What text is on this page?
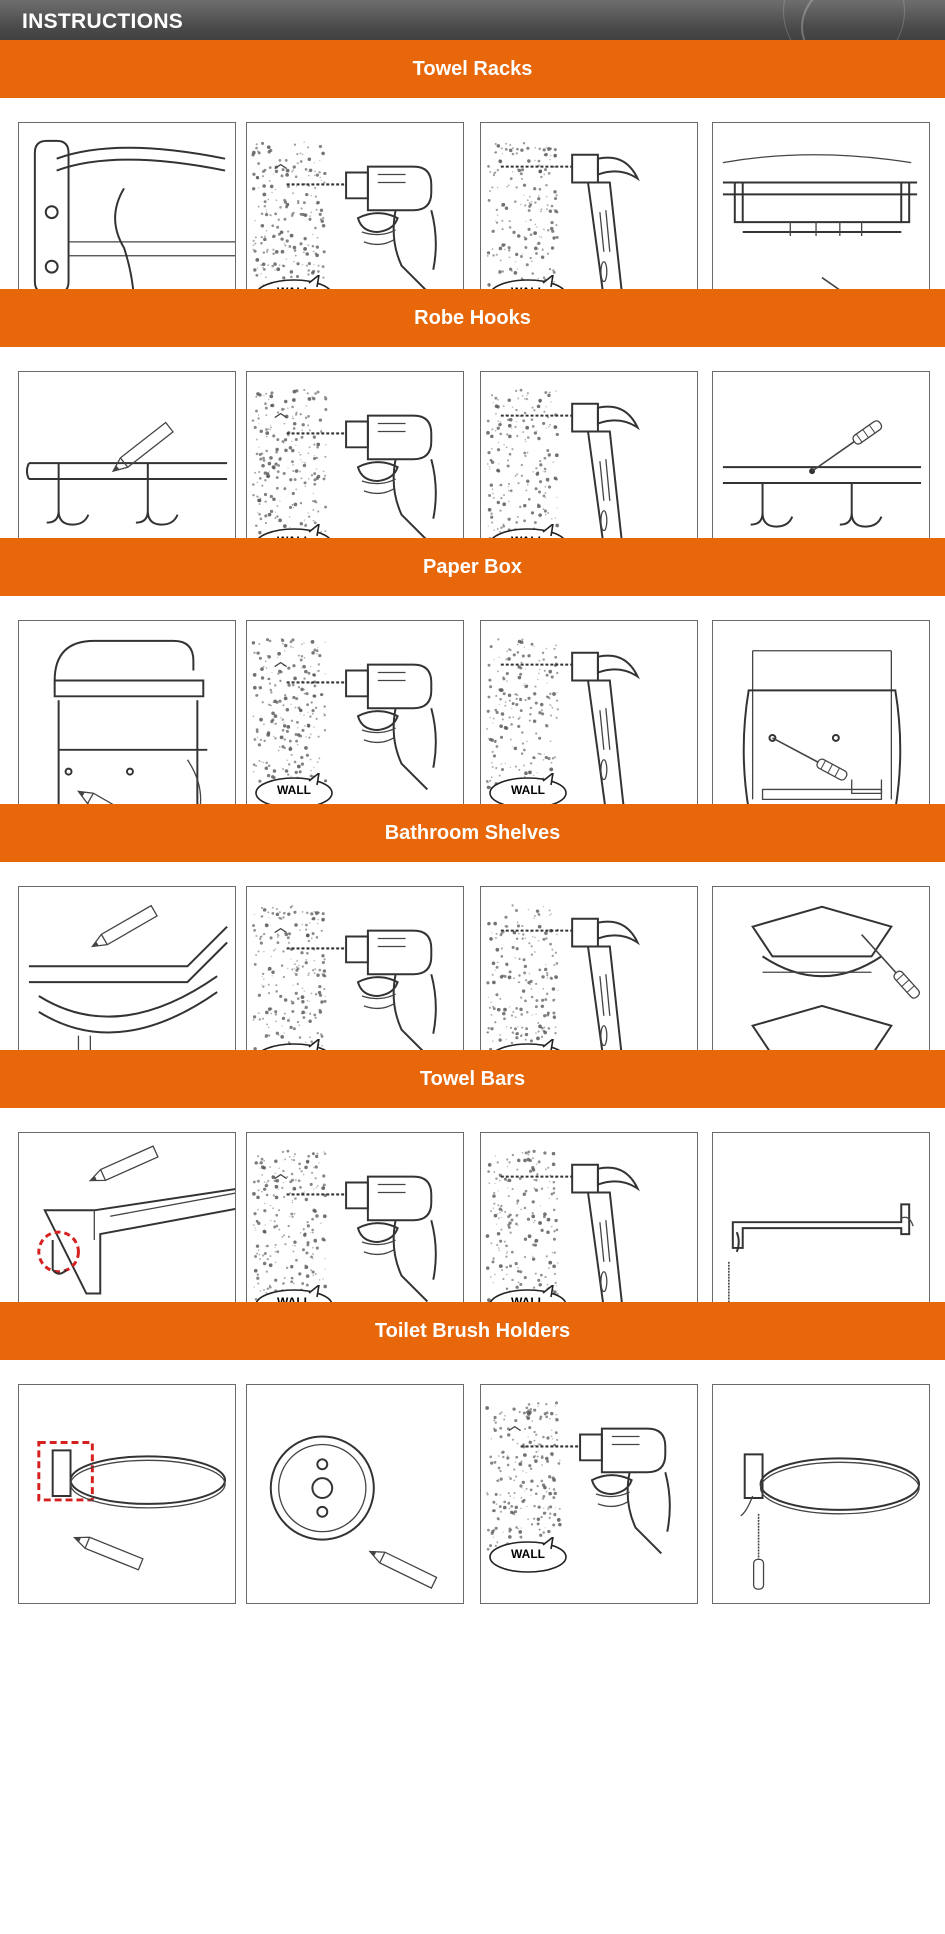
INSTRUCTIONS
Towel Racks
Robe Hooks
Paper Box
WALL	WALL
Bathroom Shelves
Towel Bars
Toilet Brush Holders
WALL
